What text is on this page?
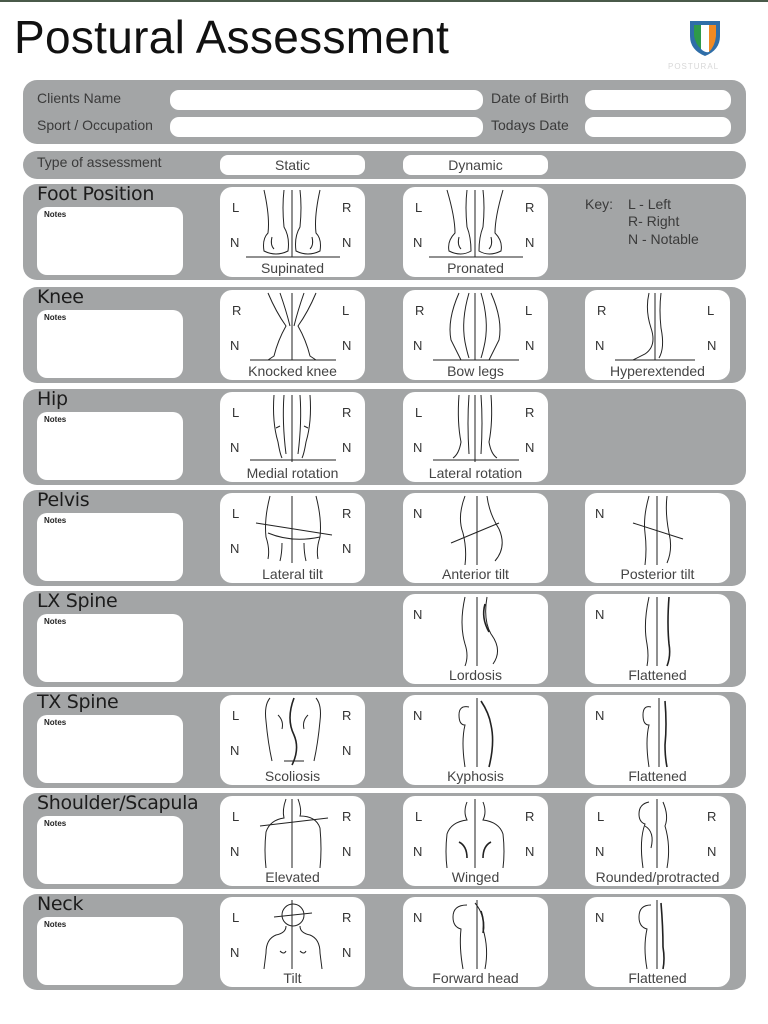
Postural Assessment
POSTURAL
Clients Name	Date of Birth
Sport / Occupation	Todays Date
Type of assessment	Static	Dynamic
Foot Position
Notes	L	R
N	N
Supinated
L	R
N	N
Pronated
Key: L - Left
R- Right
N - Notable
Knee
Notes	R	L
N	N
Knocked knee
R	L
N	N
Bow legs
R	L
N	N
Hyperextended
Hip
Notes	L	R
N	N
Medial rotation
L	R
N	N
Lateral rotation
Pelvis
Notes	L	R
N	N
Lateral tilt
N
Anterior tilt
N
Posterior tilt
LX Spine
Notes	N
Lordosis
N
Flattened
TX Spine
Notes	L	R
N	N
Scoliosis
N
Kyphosis
N
Flattened
Shoulder/Scapula
Notes	L	R
N	N
Elevated
L	R
N	N
Winged
L	R
N	N
Rounded/protracted
Neck
Notes	L	R
N	N
Tilt
N
Forward head
N
Flattened
